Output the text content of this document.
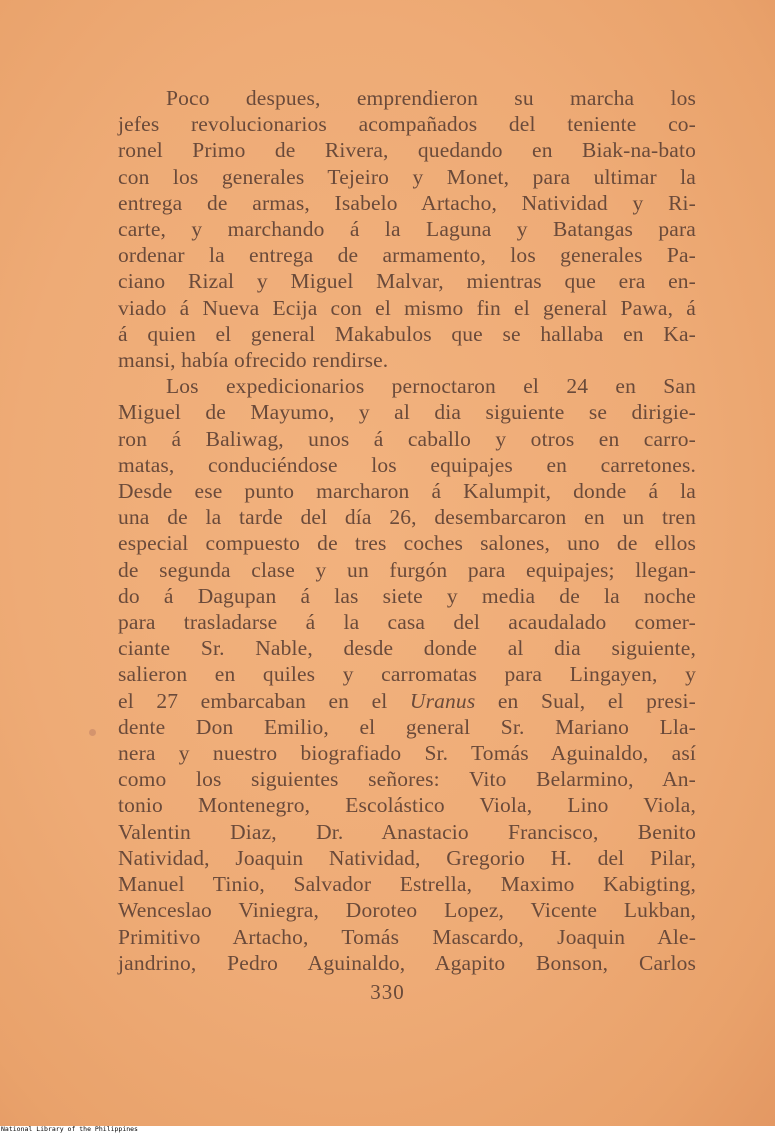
Poco despues, emprendieron su marcha los
jefes revolucionarios acompañados del teniente co-
ronel Primo de Rivera, quedando en Biak-na-bato
con los generales Tejeiro y Monet, para ultimar la
entrega de armas, Isabelo Artacho, Natividad y Ri-
carte, y marchando á la Laguna y Batangas para
ordenar la entrega de armamento, los generales Pa-
ciano Rizal y Miguel Malvar, mientras que era en-
viado á Nueva Ecija con el mismo fin el general Pawa, á
á quien el general Makabulos que se hallaba en Ka-
mansi, había ofrecido rendirse.
Los expedicionarios pernoctaron el 24 en San
Miguel de Mayumo, y al dia siguiente se dirigie-
ron á Baliwag, unos á caballo y otros en carro-
matas, conduciéndose los equipajes en carretones.
Desde ese punto marcharon á Kalumpit, donde á la
una de la tarde del día 26, desembarcaron en un tren
especial compuesto de tres coches salones, uno de ellos
de segunda clase y un furgón para equipajes; llegan-
do á Dagupan á las siete y media de la noche
para trasladarse á la casa del acaudalado comer-
ciante Sr. Nable, desde donde al dia siguiente,
salieron en quiles y carromatas para Lingayen, y
el 27 embarcaban en el Uranus en Sual, el presi-
dente Don Emilio, el general Sr. Mariano Lla-
nera y nuestro biografiado Sr. Tomás Aguinaldo, así
como los siguientes señores: Vito Belarmino, An-
tonio Montenegro, Escolástico Viola, Lino Viola,
Valentin Diaz, Dr. Anastacio Francisco, Benito
Natividad, Joaquin Natividad, Gregorio H. del Pilar,
Manuel Tinio, Salvador Estrella, Maximo Kabigting,
Wenceslao Viniegra, Doroteo Lopez, Vicente Lukban,
Primitivo Artacho, Tomás Mascardo, Joaquin Ale-
jandrino, Pedro Aguinaldo, Agapito Bonson, Carlos
330
National Library of the Philippines
